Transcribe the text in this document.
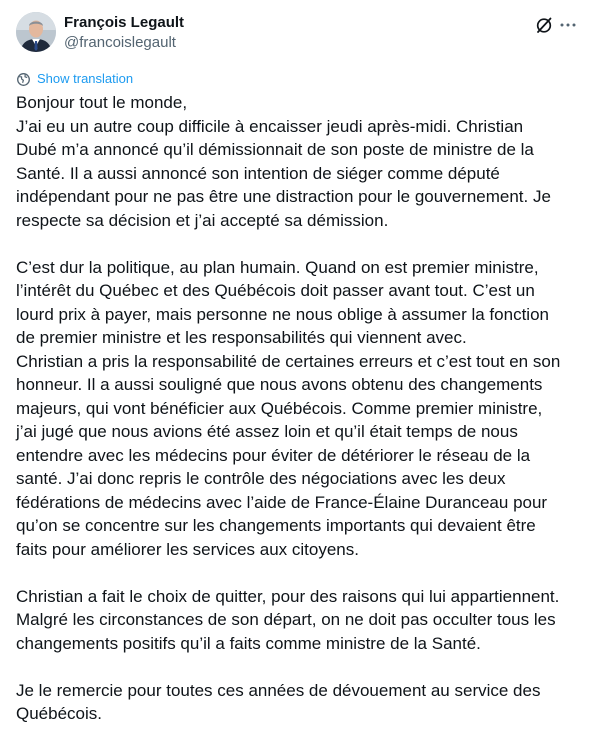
François Legault
@francoislegault
Show translation

Bonjour tout le monde,

J’ai eu un autre coup difficile à encaisser jeudi après-midi. Christian

Dubé m’a annoncé qu’il démissionnait de son poste de ministre de la

Santé. Il a aussi annoncé son intention de siéger comme député

indépendant pour ne pas être une distraction pour le gouvernement. Je

respecte sa décision et j’ai accepté sa démission.

C’est dur la politique, au plan humain. Quand on est premier ministre,

l’intérêt du Québec et des Québécois doit passer avant tout. C’est un

lourd prix à payer, mais personne ne nous oblige à assumer la fonction

de premier ministre et les responsabilités qui viennent avec.

Christian a pris la responsabilité de certaines erreurs et c’est tout en son

honneur. Il a aussi souligné que nous avons obtenu des changements

majeurs, qui vont bénéficier aux Québécois. Comme premier ministre,

j’ai jugé que nous avions été assez loin et qu’il était temps de nous

entendre avec les médecins pour éviter de détériorer le réseau de la

santé. J’ai donc repris le contrôle des négociations avec les deux

fédérations de médecins avec l’aide de France-Élaine Duranceau pour

qu’on se concentre sur les changements importants qui devaient être

faits pour améliorer les services aux citoyens.

Christian a fait le choix de quitter, pour des raisons qui lui appartiennent.

Malgré les circonstances de son départ, on ne doit pas occulter tous les

changements positifs qu’il a faits comme ministre de la Santé.

Je le remercie pour toutes ces années de dévouement au service des

Québécois.
